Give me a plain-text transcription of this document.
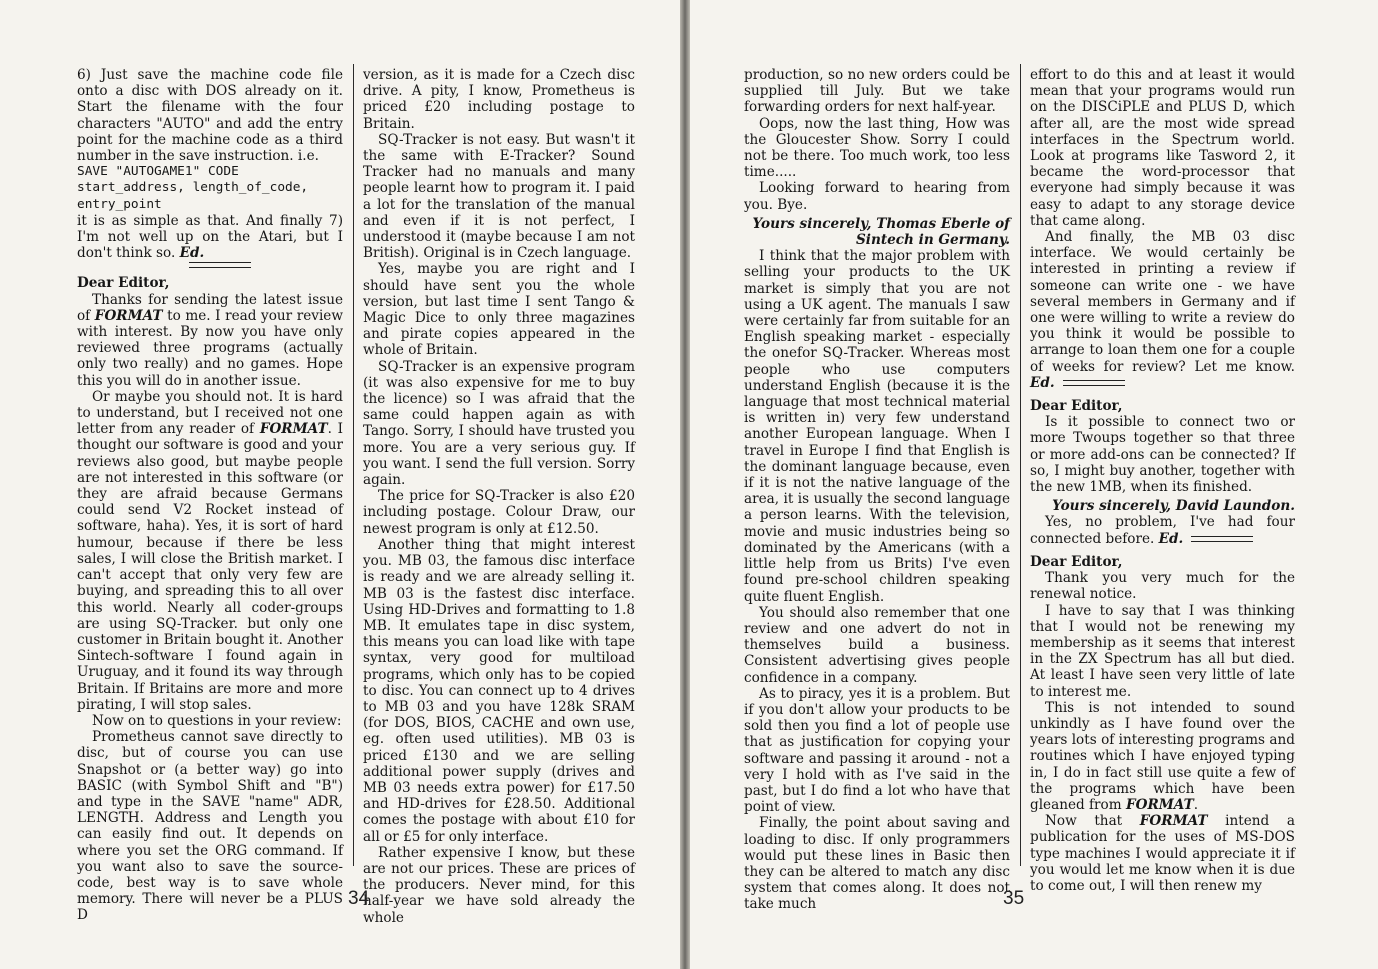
6) Just save the machine code file onto a disc with DOS already on it. Start the filename with the four characters "AUTO" and add the entry point for the machine code as a third number in the save instruction. i.e.

SAVE "AUTOGAME1" CODE start_address, length_of_code, entry_point

it is as simple as that. And finally 7) I'm not well up on the Atari, but I don't think so. Ed.

Dear Editor,

Thanks for sending the latest issue of FORMAT to me. I read your review with interest. By now you have only reviewed three programs (actually only two really) and no games. Hope this you will do in another issue.

Or maybe you should not. It is hard to understand, but I received not one letter from any reader of FORMAT. I thought our software is good and your reviews also good, but maybe people are not interested in this software (or they are afraid because Germans could send V2 Rocket instead of software, haha). Yes, it is sort of hard humour, because if there be less sales, I will close the British market. I can't accept that only very few are buying, and spreading this to all over this world. Nearly all coder-groups are using SQ-Tracker. but only one customer in Britain bought it. Another Sintech-software I found again in Uruguay, and it found its way through Britain. If Britains are more and more pirating, I will stop sales.

Now on to questions in your review:

Prometheus cannot save directly to disc, but of course you can use Snapshot or (a better way) go into BASIC (with Symbol Shift and "B") and type in the SAVE "name" ADR, LENGTH. Address and Length you can easily find out. It depends on where you set the ORG command. If you want also to save the source-code, best way is to save whole memory. There will never be a PLUS D

version, as it is made for a Czech disc drive. A pity, I know, Prometheus is priced £20 including postage to Britain.

SQ-Tracker is not easy. But wasn't it the same with E-Tracker? Sound Tracker had no manuals and many people learnt how to program it. I paid a lot for the translation of the manual and even if it is not perfect, I understood it (maybe because I am not British). Original is in Czech language.

Yes, maybe you are right and I should have sent you the whole version, but last time I sent Tango & Magic Dice to only three magazines and pirate copies appeared in the whole of Britain.

SQ-Tracker is an expensive program (it was also expensive for me to buy the licence) so I was afraid that the same could happen again as with Tango. Sorry, I should have trusted you more. You are a very serious guy. If you want. I send the full version. Sorry again.

The price for SQ-Tracker is also £20 including postage. Colour Draw, our newest program is only at £12.50.

Another thing that might interest you. MB 03, the famous disc interface is ready and we are already selling it. MB 03 is the fastest disc interface. Using HD-Drives and formatting to 1.8 MB. It emulates tape in disc system, this means you can load like with tape syntax, very good for multiload programs, which only has to be copied to disc. You can connect up to 4 drives to MB 03 and you have 128k SRAM (for DOS, BIOS, CACHE and own use, eg. often used utilities). MB 03 is priced £130 and we are selling additional power supply (drives and MB 03 needs extra power) for £17.50 and HD-drives for £28.50. Additional comes the postage with about £10 for all or £5 for only interface.

Rather expensive I know, but these are not our prices. These are prices of the producers. Never mind, for this half-year we have sold already the whole

production, so no new orders could be supplied till July. But we take forwarding orders for next half-year.

Oops, now the last thing, How was the Gloucester Show. Sorry I could not be there. Too much work, too less time.....

Looking forward to hearing from you. Bye.

Yours sincerely, Thomas Eberle of Sintech in Germany.

I think that the major problem with selling your products to the UK market is simply that you are not using a UK agent. The manuals I saw were certainly far from suitable for an English speaking market - especially the onefor SQ-Tracker. Whereas most people who use computers understand English (because it is the language that most technical material is written in) very few understand another European language. When I travel in Europe I find that English is the dominant language because, even if it is not the native language of the area, it is usually the second language a person learns. With the television, movie and music industries being so dominated by the Americans (with a little help from us Brits) I've even found pre-school children speaking quite fluent English.

You should also remember that one review and one advert do not in themselves build a business. Consistent advertising gives people confidence in a company.

As to piracy, yes it is a problem. But if you don't allow your products to be sold then you find a lot of people use that as justification for copying your software and passing it around - not a very I hold with as I've said in the past, but I do find a lot who have that point of view.

Finally, the point about saving and loading to disc. If only programmers would put these lines in Basic then they can be altered to match any disc system that comes along. It does not take much

effort to do this and at least it would mean that your programs would run on the DISCiPLE and PLUS D, which after all, are the most wide spread interfaces in the Spectrum world. Look at programs like Tasword 2, it became the word-processor that everyone had simply because it was easy to adapt to any storage device that came along.

And finally, the MB 03 disc interface. We would certainly be interested in printing a review if someone can write one - we have several members in Germany and if one were willing to write a review do you think it would be possible to arrange to loan them one for a couple of weeks for review? Let me know. Ed.

Dear Editor,

Is it possible to connect two or more Twoups together so that three or more add-ons can be connected? If so, I might buy another, together with the new 1MB, when its finished.

Yours sincerely, David Laundon.

Yes, no problem, I've had four connected before. Ed.

Dear Editor,

Thank you very much for the renewal notice.

I have to say that I was thinking that I would not be renewing my membership as it seems that interest in the ZX Spectrum has all but died. At least I have seen very little of late to interest me.

This is not intended to sound unkindly as I have found over the years lots of interesting programs and routines which I have enjoyed typing in, I do in fact still use quite a few of the programs which have been gleaned from FORMAT.

Now that FORMAT intend a publication for the uses of MS-DOS type machines I would appreciate it if you would let me know when it is due to come out, I will then renew my

34	35
